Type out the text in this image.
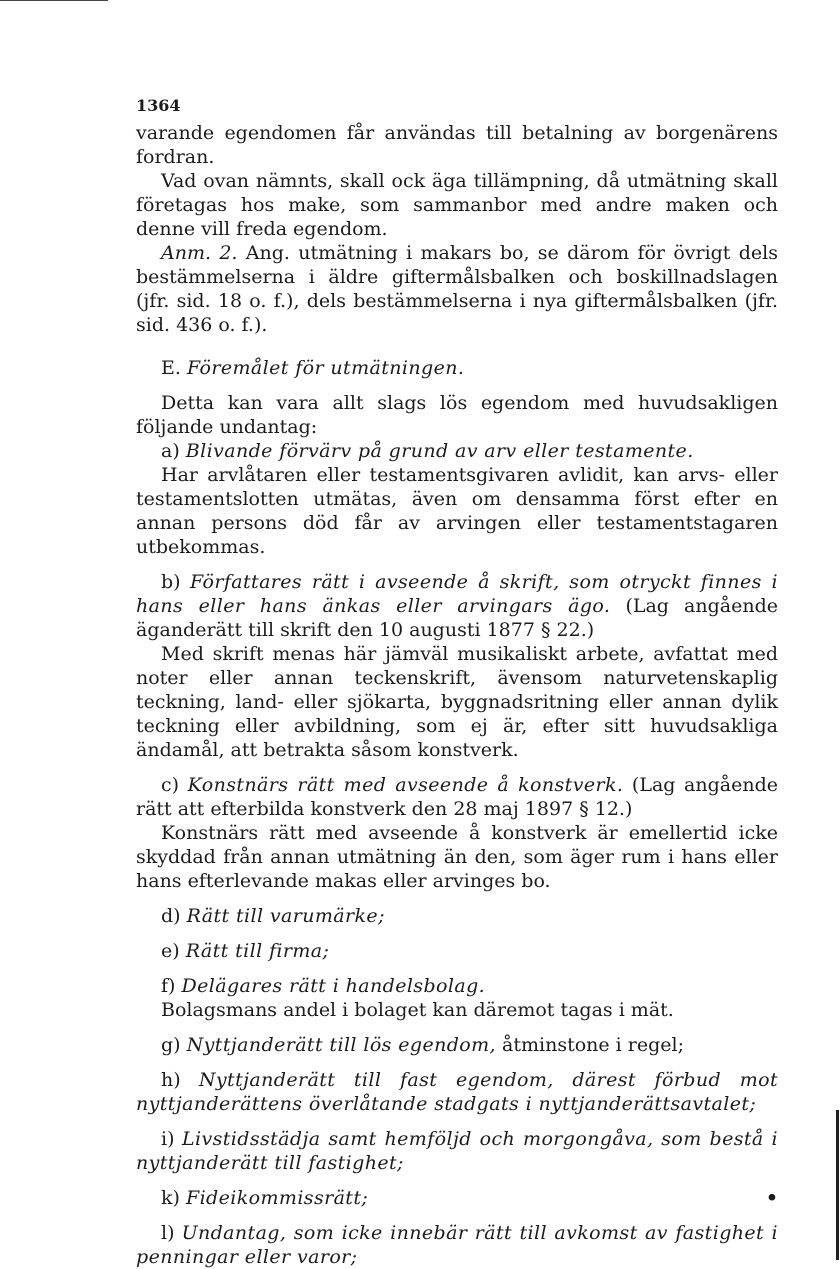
1364

varande egendomen får användas till betalning av borgenärens fordran.

Vad ovan nämnts, skall ock äga tillämpning, då utmätning skall företagas hos make, som sammanbor med andre maken och denne vill freda egendom.

Anm. 2. Ang. utmätning i makars bo, se därom för övrigt dels bestämmelserna i äldre giftermålsbalken och boskillnadslagen (jfr. sid. 18 o. f.), dels bestämmelserna i nya giftermålsbalken (jfr. sid. 436 o. f.).

E. Föremålet för utmätningen.

Detta kan vara allt slags lös egendom med huvudsakligen följande undantag:

a) Blivande förvärv på grund av arv eller testamente.

Har arvlåtaren eller testamentsgivaren avlidit, kan arvs- eller testamentslotten utmätas, även om densamma först efter en annan persons död får av arvingen eller testamentstagaren utbekommas.

b) Författares rätt i avseende å skrift, som otryckt finnes i hans eller hans änkas eller arvingars ägo. (Lag angående äganderätt till skrift den 10 augusti 1877 § 22.)

Med skrift menas här jämväl musikaliskt arbete, avfattat med noter eller annan teckenskrift, ävensom naturvetenskaplig teckning, land- eller sjökarta, byggnadsritning eller annan dylik teckning eller avbildning, som ej är, efter sitt huvudsakliga ändamål, att betrakta såsom konstverk.

c) Konstnärs rätt med avseende å konstverk. (Lag angående rätt att efterbilda konstverk den 28 maj 1897 § 12.)

Konstnärs rätt med avseende å konstverk är emellertid icke skyddad från annan utmätning än den, som äger rum i hans eller hans efterlevande makas eller arvinges bo.

d) Rätt till varumärke;

e) Rätt till firma;

f) Delägares rätt i handelsbolag.

Bolagsmans andel i bolaget kan däremot tagas i mät.

g) Nyttjanderätt till lös egendom, åtminstone i regel;

h) Nyttjanderätt till fast egendom, därest förbud mot nyttjanderättens överlåtande stadgats i nyttjanderättsavtalet;

i) Livstidsstädja samt hemföljd och morgongåva, som bestå i nyttjanderätt till fastighet;

k) Fideikommissrätt;	•

l) Undantag, som icke innebär rätt till avkomst av fastighet i penningar eller varor;
